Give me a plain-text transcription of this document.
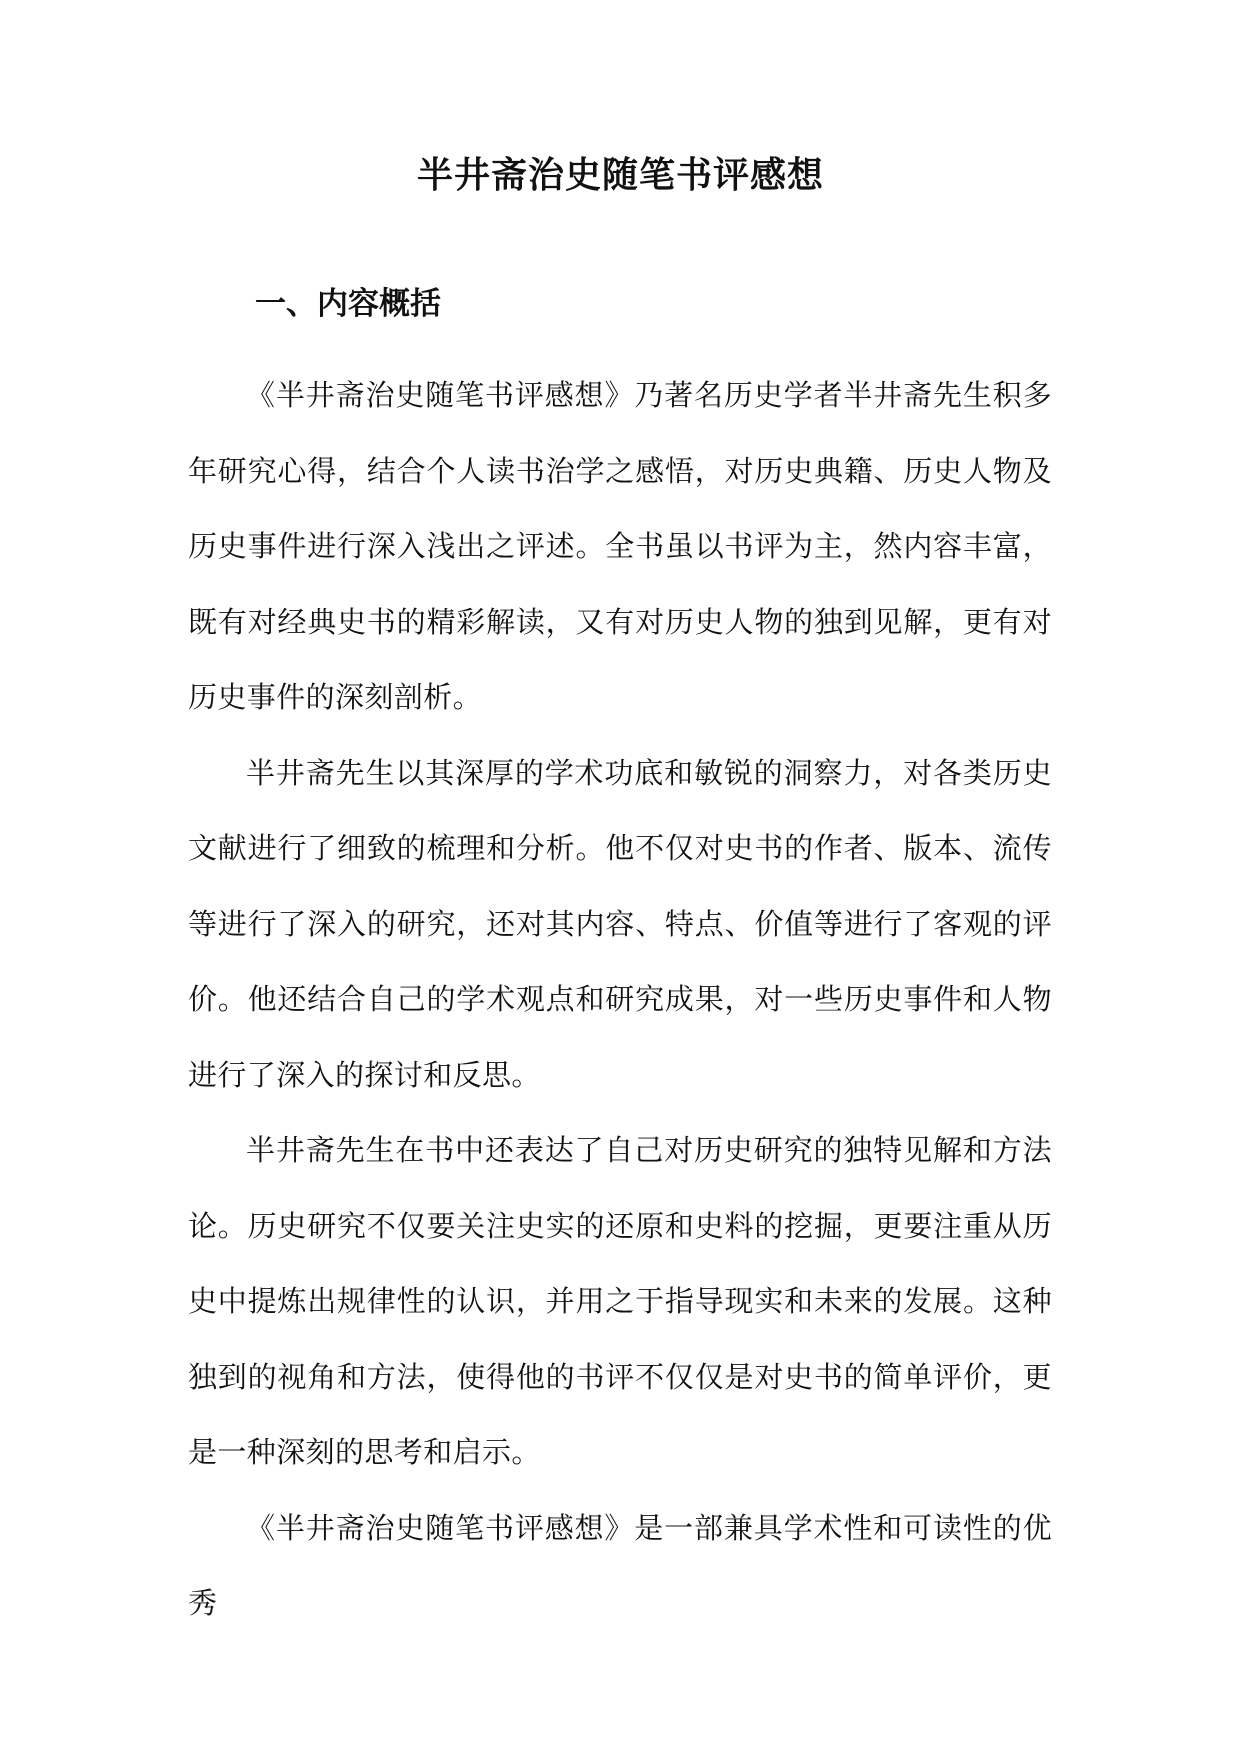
半井斋治史随笔书评感想
一、内容概括

《半井斋治史随笔书评感想》乃著名历史学者半井斋先生积多年研究心得，结合个人读书治学之感悟，对历史典籍、历史人物及历史事件进行深入浅出之评述。全书虽以书评为主，然内容丰富，既有对经典史书的精彩解读，又有对历史人物的独到见解，更有对历史事件的深刻剖析。

半井斋先生以其深厚的学术功底和敏锐的洞察力，对各类历史文献进行了细致的梳理和分析。他不仅对史书的作者、版本、流传等进行了深入的研究，还对其内容、特点、价值等进行了客观的评价。他还结合自己的学术观点和研究成果，对一些历史事件和人物进行了深入的探讨和反思。

半井斋先生在书中还表达了自己对历史研究的独特见解和方法论。历史研究不仅要关注史实的还原和史料的挖掘，更要注重从历史中提炼出规律性的认识，并用之于指导现实和未来的发展。这种独到的视角和方法，使得他的书评不仅仅是对史书的简单评价，更是一种深刻的思考和启示。

《半井斋治史随笔书评感想》是一部兼具学术性和可读性的优秀
